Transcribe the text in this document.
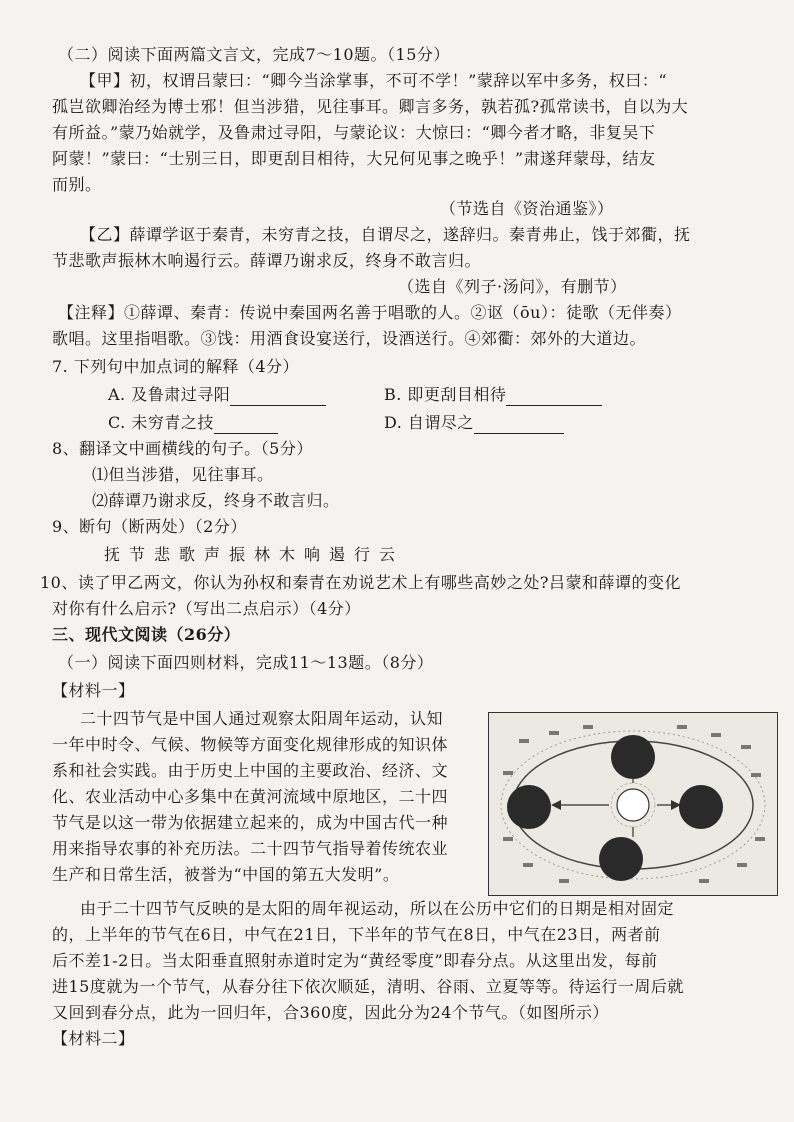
（二）阅读下面两篇文言文，完成7～10题。（15分）
【甲】初，权谓吕蒙曰：“卿今当涂掌事，不可不学！”蒙辞以军中多务，权曰：“
孤岂欲卿治经为博士邪！但当涉猎，见往事耳。卿言多务，孰若孤?孤常读书，自以为大
有所益。”蒙乃始就学，及鲁肃过寻阳，与蒙论议：大惊曰：“卿今者才略，非复吴下
阿蒙！”蒙曰：“士别三日，即更刮目相待，大兄何见事之晚乎！”肃遂拜蒙母，结友
而别。
（节选自《资治通鉴》）
【乙】薛谭学讴于秦青，未穷青之技，自谓尽之，遂辞归。秦青弗止，饯于郊衢，抚
节悲歌声振林木响遏行云。薛谭乃谢求反，终身不敢言归。
（选自《列子·汤问》，有删节）
【注释】①薛谭、秦青：传说中秦国两名善于唱歌的人。②讴（ōu）：徒歌（无伴奏）
歌唱。这里指唱歌。③饯：用酒食设宴送行，设酒送行。④郊衢：郊外的大道边。
7. 下列句中加点词的解释（4分）
A. 及鲁肃过寻阳	B. 即更刮目相待
C. 未穷青之技	D. 自谓尽之
8、翻译文中画横线的句子。（5分）
⑴但当涉猎，见往事耳。
⑵薛谭乃谢求反，终身不敢言归。
9、断句（断两处）（2分）
抚节悲歌声振林木响遏行云
10、读了甲乙两文，你认为孙权和秦青在劝说艺术上有哪些高妙之处?吕蒙和薛谭的变化
对你有什么启示?（写出二点启示）（4分）
三、现代文阅读（26分）
（一）阅读下面四则材料，完成11～13题。（8分）
【材料一】
二十四节气是中国人通过观察太阳周年运动，认知
一年中时令、气候、物候等方面变化规律形成的知识体
系和社会实践。由于历史上中国的主要政治、经济、文
化、农业活动中心多集中在黄河流域中原地区，二十四
节气是以这一带为依据建立起来的，成为中国古代一种
用来指导农事的补充历法。二十四节气指导着传统农业
生产和日常生活，被誉为“中国的第五大发明”。
由于二十四节气反映的是太阳的周年视运动，所以在公历中它们的日期是相对固定
的，上半年的节气在6日，中气在21日，下半年的节气在8日，中气在23日，两者前
后不差1-2日。当太阳垂直照射赤道时定为“黄经零度”即春分点。从这里出发，每前
进15度就为一个节气，从春分往下依次顺延，清明、谷雨、立夏等等。待运行一周后就
又回到春分点，此为一回归年，合360度，因此分为24个节气。（如图所示）
【材料二】
